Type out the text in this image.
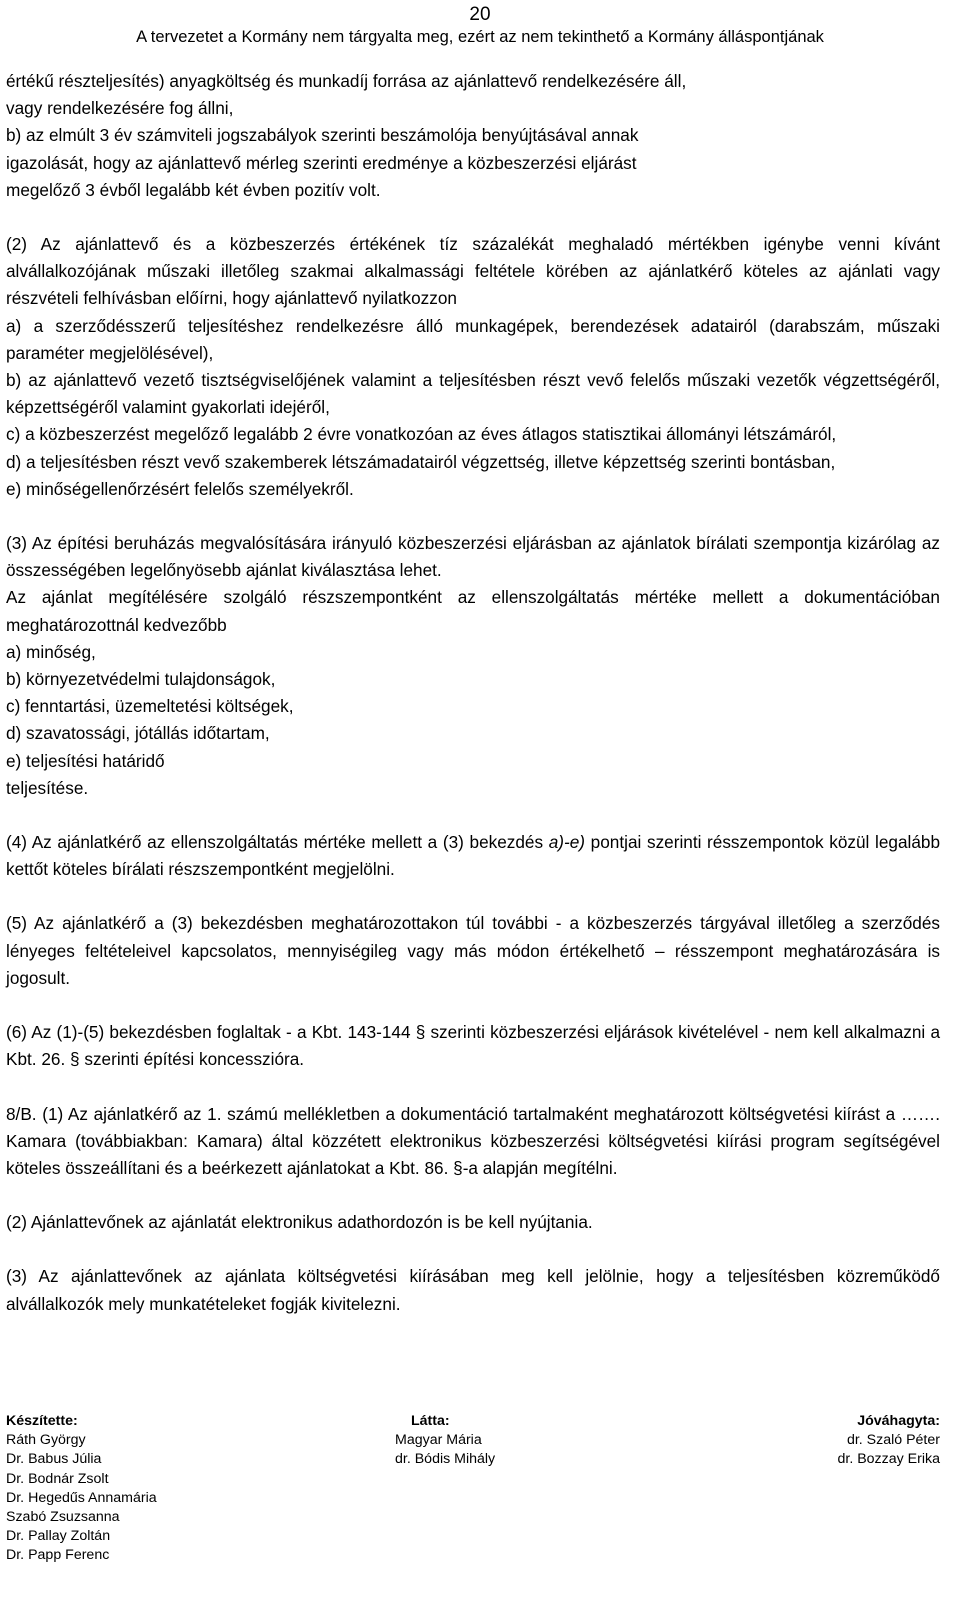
20
A tervezetet a Kormány nem tárgyalta meg, ezért az nem tekinthető a Kormány álláspontjának
értékű részteljesítés) anyagköltség és munkadíj forrása az ajánlattevő rendelkezésére áll,
vagy rendelkezésére fog állni,
b) az elmúlt 3 év számviteli jogszabályok szerinti beszámolója benyújtásával annak
igazolását, hogy az ajánlattevő mérleg szerinti eredménye a közbeszerzési eljárást
megelőző 3 évből legalább két évben pozitív volt.

(2) Az ajánlattevő és a közbeszerzés értékének tíz százalékát meghaladó mértékben igénybe venni kívánt alvállalkozójának műszaki illetőleg szakmai alkalmassági feltétele körében az ajánlatkérő köteles az ajánlati vagy részvételi felhívásban előírni, hogy ajánlattevő nyilatkozzon

a) a szerződésszerű teljesítéshez rendelkezésre álló munkagépek, berendezések adatairól (darabszám, műszaki paraméter megjelölésével),

b) az ajánlattevő vezető tisztségviselőjének valamint a teljesítésben részt vevő felelős műszaki vezetők végzettségéről, képzettségéről valamint gyakorlati idejéről,

c) a közbeszerzést megelőző legalább 2 évre vonatkozóan az éves átlagos statisztikai állományi létszámáról,

d) a teljesítésben részt vevő szakemberek létszámadatairól végzettség, illetve képzettség szerinti bontásban,

e) minőségellenőrzésért felelős személyekről.

(3) Az építési beruházás megvalósítására irányuló közbeszerzési eljárásban az ajánlatok bírálati szempontja kizárólag az összességében legelőnyösebb ajánlat kiválasztása lehet.

Az ajánlat megítélésére szolgáló részszempontként az ellenszolgáltatás mértéke mellett a dokumentációban meghatározottnál kedvezőbb

a) minőség,

b) környezetvédelmi tulajdonságok,

c) fenntartási, üzemeltetési költségek,

d) szavatossági, jótállás időtartam,

e) teljesítési határidő

teljesítése.

(4) Az ajánlatkérő az ellenszolgáltatás mértéke mellett a (3) bekezdés a)-e) pontjai szerinti résszempontok közül legalább kettőt köteles bírálati részszempontként megjelölni.

(5) Az ajánlatkérő a (3) bekezdésben meghatározottakon túl további - a közbeszerzés tárgyával illetőleg a szerződés lényeges feltételeivel kapcsolatos, mennyiségileg vagy más módon értékelhető – résszempont meghatározására is jogosult.

(6) Az (1)-(5) bekezdésben foglaltak - a Kbt. 143-144 § szerinti közbeszerzési eljárások kivételével - nem kell alkalmazni a Kbt. 26. § szerinti építési koncesszióra.

8/B. (1) Az ajánlatkérő az 1. számú mellékletben a dokumentáció tartalmaként meghatározott költségvetési kiírást a ……. Kamara (továbbiakban: Kamara) által közzétett elektronikus közbeszerzési költségvetési kiírási program segítségével köteles összeállítani és a beérkezett ajánlatokat a Kbt. 86. §-a alapján megítélni.

(2) Ajánlattevőnek az ajánlatát elektronikus adathordozón is be kell nyújtania.

(3) Az ajánlattevőnek az ajánlata költségvetési kiírásában meg kell jelölnie, hogy a teljesítésben közreműködő alvállalkozók mely munkatételeket fogják kivitelezni.

Készítette:
Ráth György
Dr. Babus Júlia
Dr. Bodnár Zsolt
Dr. Hegedűs Annamária
Szabó Zsuzsanna
Dr. Pallay Zoltán
Dr. Papp Ferenc
Látta:
Magyar Mária
dr. Bódis Mihály
Jóváhagyta:
dr. Szaló Péter
dr. Bozzay Erika
